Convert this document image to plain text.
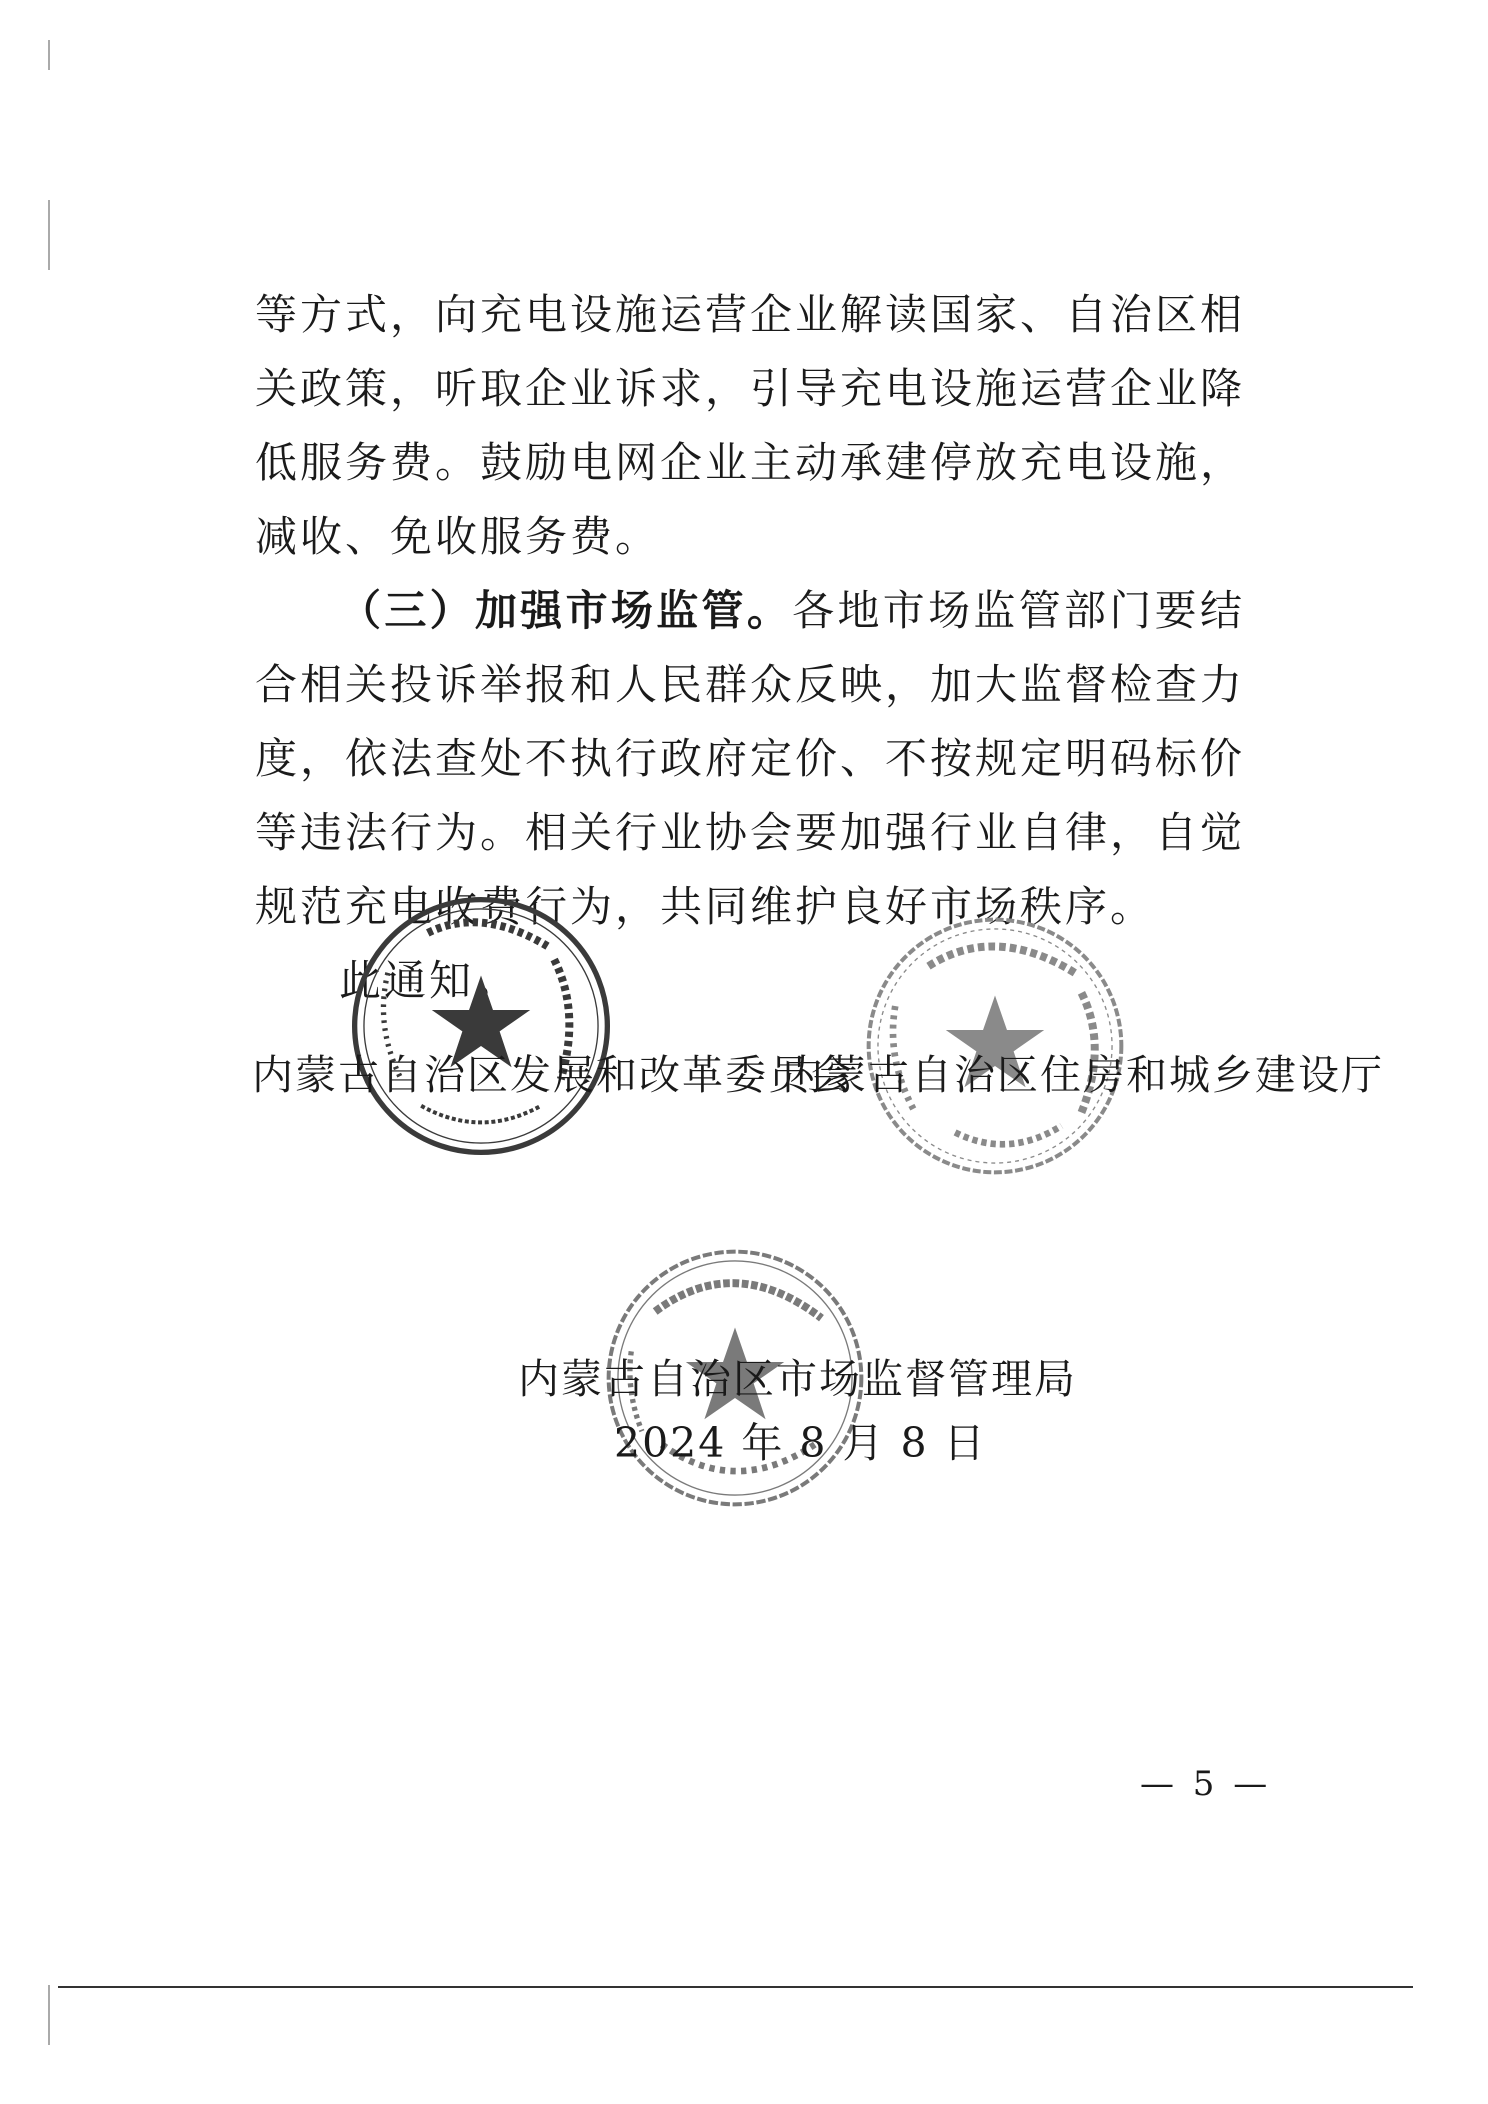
等方式，向充电设施运营企业解读国家、自治区相关政策，听取企业诉求，引导充电设施运营企业降低服务费。鼓励电网企业主动承建停放充电设施，减收、免收服务费。

（三）加强市场监管。各地市场监管部门要结合相关投诉举报和人民群众反映，加大监督检查力度，依法查处不执行政府定价、不按规定明码标价等违法行为。相关行业协会要加强行业自律，自觉规范充电收费行为，共同维护良好市场秩序。

此通知。

内蒙古自治区发展和改革委员会
内蒙古自治区住房和城乡建设厅
内蒙古自治区市场监督管理局
2024 年 8 月 8 日
— 5 —
